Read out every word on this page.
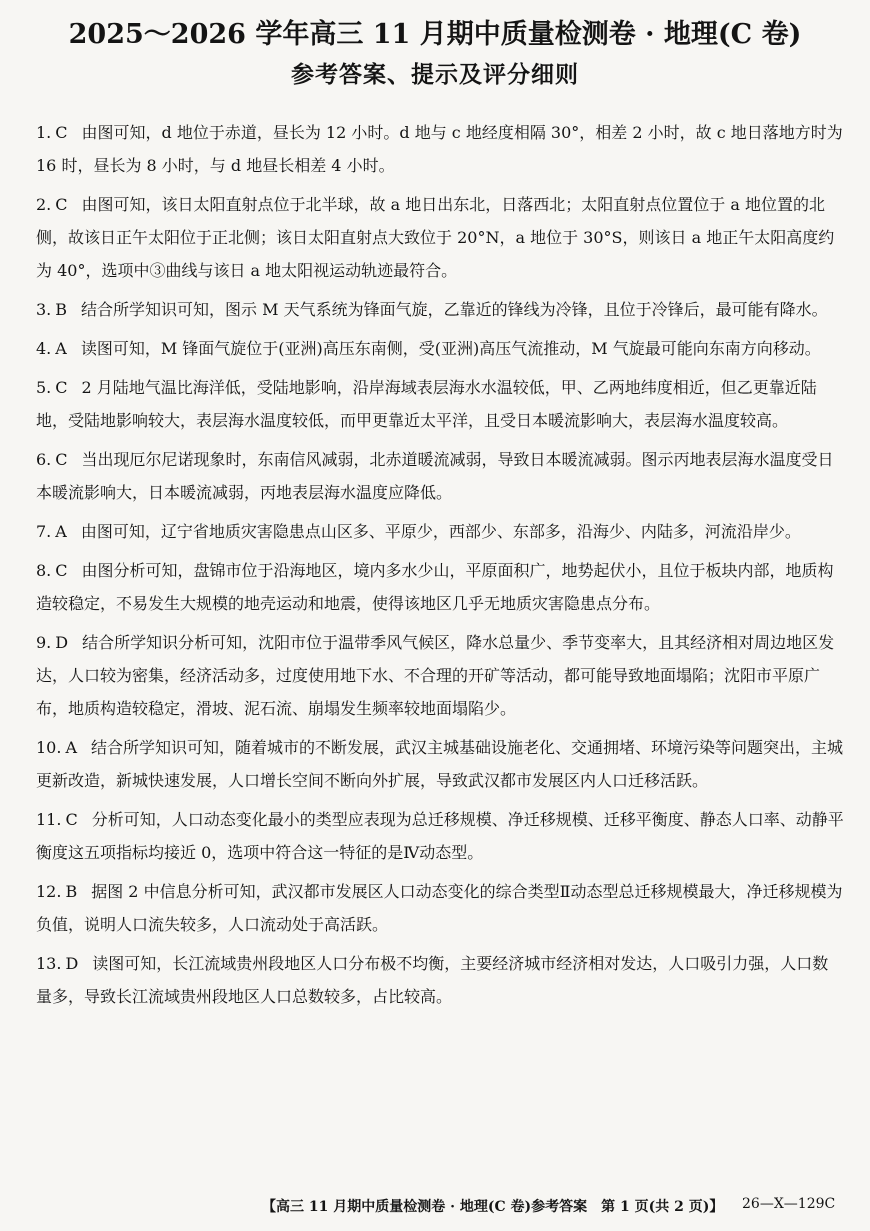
2025～2026 学年高三 11 月期中质量检测卷 · 地理(C 卷)
参考答案、提示及评分细则
1. C 由图可知，d 地位于赤道，昼长为 12 小时。d 地与 c 地经度相隔 30°，相差 2 小时，故 c 地日落地方时为 16 时，昼长为 8 小时，与 d 地昼长相差 4 小时。
2. C 由图可知，该日太阳直射点位于北半球，故 a 地日出东北，日落西北；太阳直射点位置位于 a 地位置的北侧，故该日正午太阳位于正北侧；该日太阳直射点大致位于 20°N，a 地位于 30°S，则该日 a 地正午太阳高度约为 40°，选项中③曲线与该日 a 地太阳视运动轨迹最符合。
3. B 结合所学知识可知，图示 M 天气系统为锋面气旋，乙靠近的锋线为冷锋，且位于冷锋后，最可能有降水。
4. A 读图可知，M 锋面气旋位于(亚洲)高压东南侧，受(亚洲)高压气流推动，M 气旋最可能向东南方向移动。
5. C 2 月陆地气温比海洋低，受陆地影响，沿岸海域表层海水水温较低，甲、乙两地纬度相近，但乙更靠近陆地，受陆地影响较大，表层海水温度较低，而甲更靠近太平洋，且受日本暖流影响大，表层海水温度较高。
6. C 当出现厄尔尼诺现象时，东南信风减弱，北赤道暖流减弱，导致日本暖流减弱。图示丙地表层海水温度受日本暖流影响大，日本暖流减弱，丙地表层海水温度应降低。
7. A 由图可知，辽宁省地质灾害隐患点山区多、平原少，西部少、东部多，沿海少、内陆多，河流沿岸少。
8. C 由图分析可知，盘锦市位于沿海地区，境内多水少山，平原面积广，地势起伏小，且位于板块内部，地质构造较稳定，不易发生大规模的地壳运动和地震，使得该地区几乎无地质灾害隐患点分布。
9. D 结合所学知识分析可知，沈阳市位于温带季风气候区，降水总量少、季节变率大，且其经济相对周边地区发达，人口较为密集，经济活动多，过度使用地下水、不合理的开矿等活动，都可能导致地面塌陷；沈阳市平原广布，地质构造较稳定，滑坡、泥石流、崩塌发生频率较地面塌陷少。
10. A 结合所学知识可知，随着城市的不断发展，武汉主城基础设施老化、交通拥堵、环境污染等问题突出，主城更新改造，新城快速发展，人口增长空间不断向外扩展，导致武汉都市发展区内人口迁移活跃。
11. C 分析可知，人口动态变化最小的类型应表现为总迁移规模、净迁移规模、迁移平衡度、静态人口率、动静平衡度这五项指标均接近 0，选项中符合这一特征的是Ⅳ动态型。
12. B 据图 2 中信息分析可知，武汉都市发展区人口动态变化的综合类型Ⅱ动态型总迁移规模最大，净迁移规模为负值，说明人口流失较多，人口流动处于高活跃。
13. D 读图可知，长江流域贵州段地区人口分布极不均衡，主要经济城市经济相对发达，人口吸引力强，人口数量多，导致长江流域贵州段地区人口总数较多，占比较高。
【高三 11 月期中质量检测卷 · 地理(C 卷)参考答案　第 1 页(共 2 页)】 26—X—129C
